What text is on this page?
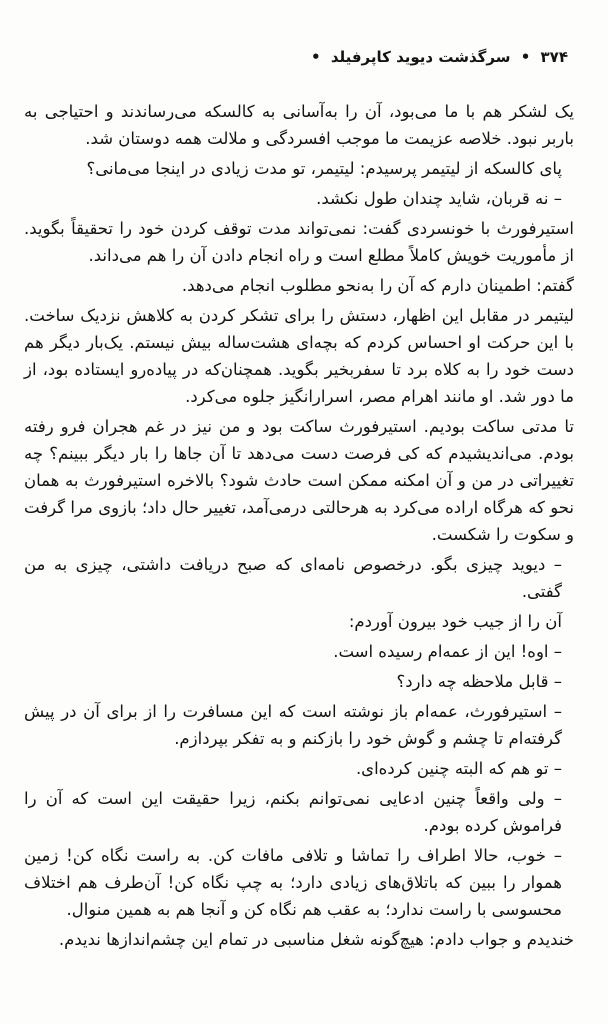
۳۷۴ • سرگذشت دیوید کاپرفیلد •

یک لشکر هم با ما می‌بود، آن را به‌آسانی به کالسکه می‌رساندند و احتیاجی به باربر نبود. خلاصه عزیمت ما موجب افسردگی و ملالت همه دوستان شد.

پای کالسکه از لیتیمر پرسیدم: لیتیمر، تو مدت زیادی در اینجا می‌مانی؟

– نه قربان، شاید چندان طول نکشد.

استیرفورث با خونسردی گفت: نمی‌تواند مدت توقف کردن خود را تحقیقاً بگوید. از مأموریت خویش کاملاً مطلع است و راه انجام دادن آن را هم می‌داند.

گفتم: اطمینان دارم که آن را به‌نحو مطلوب انجام می‌دهد.

لیتیمر در مقابل این اظهار، دستش را برای تشکر کردن به کلاهش نزدیک ساخت. با این حرکت او احساس کردم که بچه‌ای هشت‌ساله بیش نیستم. یک‌بار دیگر هم دست خود را به کلاه برد تا سفربخیر بگوید. همچنان‌که در پیاده‌رو ایستاده بود، از ما دور شد. او مانند اهرام مصر، اسرارانگیز جلوه می‌کرد.

تا مدتی ساکت بودیم. استیرفورث ساکت بود و من نیز در غم هجران فرو رفته بودم. می‌اندیشیدم که کی فرصت دست می‌دهد تا آن جاها را بار دیگر ببینم؟ چه تغییراتی در من و آن امکنه ممکن است حادث شود؟ بالاخره استیرفورث به همان نحو که هرگاه اراده می‌کرد به هرحالتی درمی‌آمد، تغییر حال داد؛ بازوی مرا گرفت و سکوت را شکست.

– دیوید چیزی بگو. درخصوص نامه‌ای که صبح دریافت داشتی، چیزی به من گفتی.

آن را از جیب خود بیرون آوردم:

– اوه! این از عمه‌ام رسیده است.

– قابل ملاحظه چه دارد؟

– استیرفورث، عمه‌ام باز نوشته است که این مسافرت را از برای آن در پیش گرفته‌ام تا چشم و گوش خود را بازکنم و به تفکر بپردازم.

– تو هم که البته چنین کرده‌ای.

– ولی واقعاً چنین ادعایی نمی‌توانم بکنم، زیرا حقیقت این است که آن را فراموش کرده بودم.

– خوب، حالا اطراف را تماشا و تلافی مافات کن. به راست نگاه کن! زمین هموار را ببین که باتلاق‌های زیادی دارد؛ به چپ نگاه کن! آن‌طرف هم اختلاف محسوسی با راست ندارد؛ به عقب هم نگاه کن و آنجا هم به همین منوال.

خندیدم و جواب دادم: هیچ‌گونه شغل مناسبی در تمام این چشم‌اندازها ندیدم.
